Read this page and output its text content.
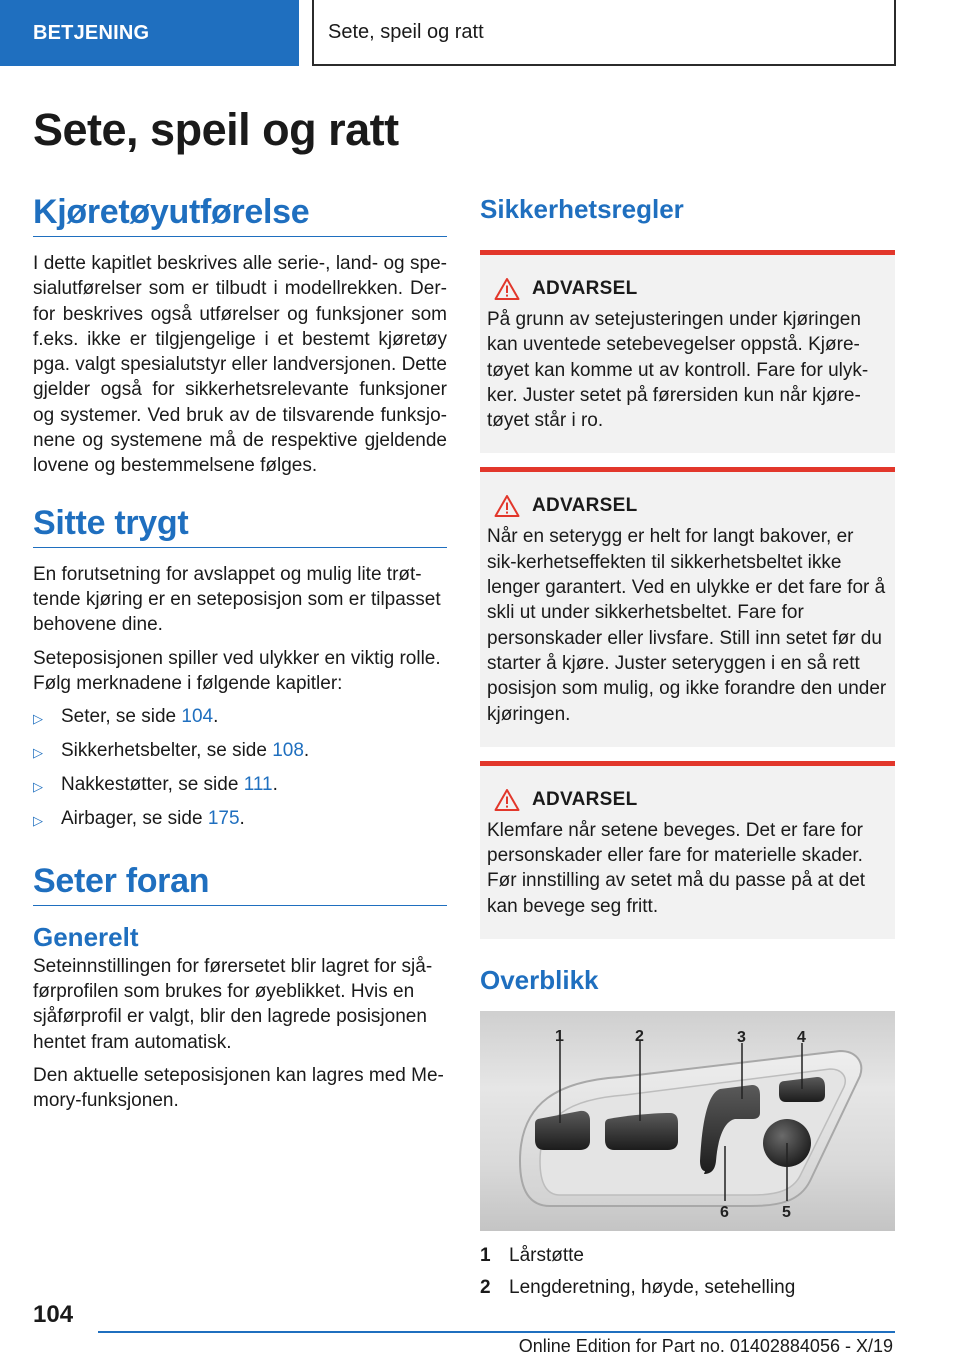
BETJENING	Sete, speil og ratt
Sete, speil og ratt
Kjøretøyutførelse

I dette kapitlet beskrives alle serie-, land- og spe-sialutførelser som er tilbudt i modellrekken. Der-for beskrives også utførelser og funksjoner som f.eks. ikke er tilgjengelige i et bestemt kjøretøy pga. valgt spesialutstyr eller landversjonen. Dette gjelder også for sikkerhetsrelevante funksjoner og systemer. Ved bruk av de tilsvarende funksjo-nene og systemene må de respektive gjeldende lovene og bestemmelsene følges.

Sitte trygt

En forutsetning for avslappet og mulig lite trøt-tende kjøring er en seteposisjon som er tilpasset behovene dine.

Seteposisjonen spiller ved ulykker en viktig rolle. Følg merknadene i følgende kapitler:

▷ Seter, se side 104.
▷ Sikkerhetsbelter, se side 108.
▷ Nakkestøtter, se side 111.
▷ Airbager, se side 175.
Seter foran
Generelt

Seteinnstillingen for førersetet blir lagret for sjå-førprofilen som brukes for øyeblikket. Hvis en sjåførprofil er valgt, blir den lagrede posisjonen hentet fram automatisk.

Den aktuelle seteposisjonen kan lagres med Me-mory-funksjonen.

Sikkerhetsregler
ADVARSEL
På grunn av setejusteringen under kjøringen kan uventede setebevegelser oppstå. Kjøre-tøyet kan komme ut av kontroll. Fare for ulyk-ker. Juster setet på førersiden kun når kjøre-tøyet står i ro.
ADVARSEL
Når en seterygg er helt for langt bakover, er sik-kerhetseffekten til sikkerhetsbeltet ikke lenger garantert. Ved en ulykke er det fare for å skli ut under sikkerhetsbeltet. Fare for personskader eller livsfare. Still inn setet før du starter å kjøre. Juster seteryggen i en så rett posisjon som mulig, og ikke forandre den under kjøringen.
ADVARSEL
Klemfare når setene beveges. Det er fare for personskader eller fare for materielle skader. Før innstilling av setet må du passe på at det kan bevege seg fritt.
Overblikk
1	2	3	4
5
6
1 Lårstøtte
2 Lengderetning, høyde, setehelling
104
Online Edition for Part no. 01402884056 - X/19
